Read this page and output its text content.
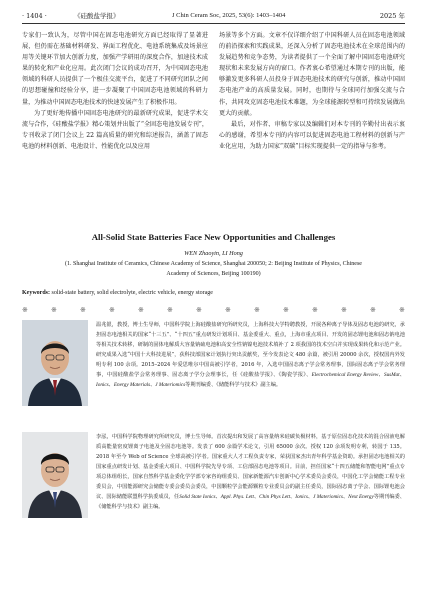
· 1404 ·	《硅酸盐学报》	J Chin Ceram Soc, 2025, 53(6): 1403–1404	2025 年

专家们一致认为，尽管中国在固态电池研究方面已经取得了显著进展，但仍需在基础材料研发、界面工程优化、电池系统集成及场景应用等关键环节加大创新力度，加强产学研用的深度合作，加速技术成果的转化和产业化应用。此次闭门会议的成功召开，为中国固态电池领域的科研人员提供了一个极佳交流平台，促进了不同研究团队之间的思想碰撞和经验分享，进一步凝聚了中国固态电池领域的科研力量，为推动中国固态电池技术的快速发展产生了积极作用。

为了更好地传播中国固态电池研究的最新研究成果，促进学术交流与合作，《硅酸盐学报》精心策划并出版了“全固态电池发展专刊”，专刊收录了闭门会议上 22 篇高质量的研究和综述报告，涵盖了固态电池的材料创新、电池设计、性能优化以及应用

场景等多个方面。文章不仅详细介绍了中国科研人员在固态电池领域的前沿探索和实践成果，还深入分析了固态电池技术在全球范围内的发展趋势和竞争态势，为读者提供了一个全面了解中国固态电池研究现状和未来发展方向的窗口。作者衷心希望通过本期专刊的出版，能够激发更多科研人员投身于固态电池技术的研究与创新，推动中国固态电池产业的高质量发展。同时，也期待与全球同行加强交流与合作，共同攻克固态电池技术难题，为全球能源转型和可持续发展做出更大的贡献。

最后，对作者、审稿专家以及编辑们对本专刊的辛勤付出表示衷心的感谢，希望本专刊的内容可以促进固态电池工程材料的创新与产业化应用，为助力国家“双碳”目标实现提供一定的指导与参考。

All-Solid State Batteries Face New Opportunities and Challenges
WEN Zhaoyin, LI Hong
(1. Shanghai Institute of Ceramics, Chinese Academy of Science, Shanghai 200050; 2: Beijing Institute of Physics, Chinese Academy of Sciences, Beijing 100190)
Keywords: solid-state battery, solid electrolyte, electric vehicle, energy storage
※	※	※	※	※	※	※	※	※	※	※	※	※	※
温兆银，教授，博士生导师，中国科学院上海硅酸盐研究所研究员，上海科技大学特聘教授，开展各种离子导体及固态电池的研究，承担固态电池相关的国家“十三五”、“十四五”重点研发计划项目、基金委重大、重点，上海市重点项目、开发的固态锂电池和固态钠电池等相关技术转移，研制的固体电解质大容量钠硫电池和高安全性钠镍电池技术填补了 2 项我国的技术空白并实现成果转化和示范产业。研究成果入选“中国十大科技进展”，获科技部国家计划执行突出贡献奖，至今发表论文 480 余篇，被引用 20000 余次，授权国内外发明专利 100 余项。2015–2024 年爱思唯尔中国高被引学者，2016 年，入选中国固态离子学会常务理事，国际固态离子学会常务理事，中国硅酸盐学会常务理事、固态离子学分会理事长，任《硅酸盐学报》、《陶瓷学报》、Electrochemical Energy Review、SusMat、Ionics、Energy Materials、J Materiomics等期刊编委、《储能科学与技术》副主编。
李泓，中国科学院物理研究所研究员，博士生导师。首次提出和发展了高容量纳米硅碳负极材料，基于原位固态化技术的混合固液电解质高能量密度锂离子电池及全固态电池等。发表了 600 余篇学术论文，引用 65000 余次。授权 120 余项发明专利，转国于 135。2018 年至今 Web of Science 全球高被引学者。国家重大人才工程负责专家，荣获国家杰出青年科学基金资助。承担固态电池相关的国家重点研发计划、基金委重大项目、中国科学院先导专项、工信部固态电池等项目。目前，担任国家“十四五储能和智能电网”重点专项总体组组长，国家自然科学基金委化学学部专家咨询组委员、国家新能源汽车创新中心学术委员会委员，中国化工学会储能工程专业委员会，中国能源研究会储能专委会委员会委员，中国颗粒学会能源颗粒专业委员会的副主任委员，国际固态离子学会、国际锂电池会议、国际储能联盟科学执委成员，任Solid State Ionics、Appl. Phys. Lett、Chin Phys Lett、Ionics、J Materiomics、Next Energy等期刊编委、《储能科学与技术》副主编。
